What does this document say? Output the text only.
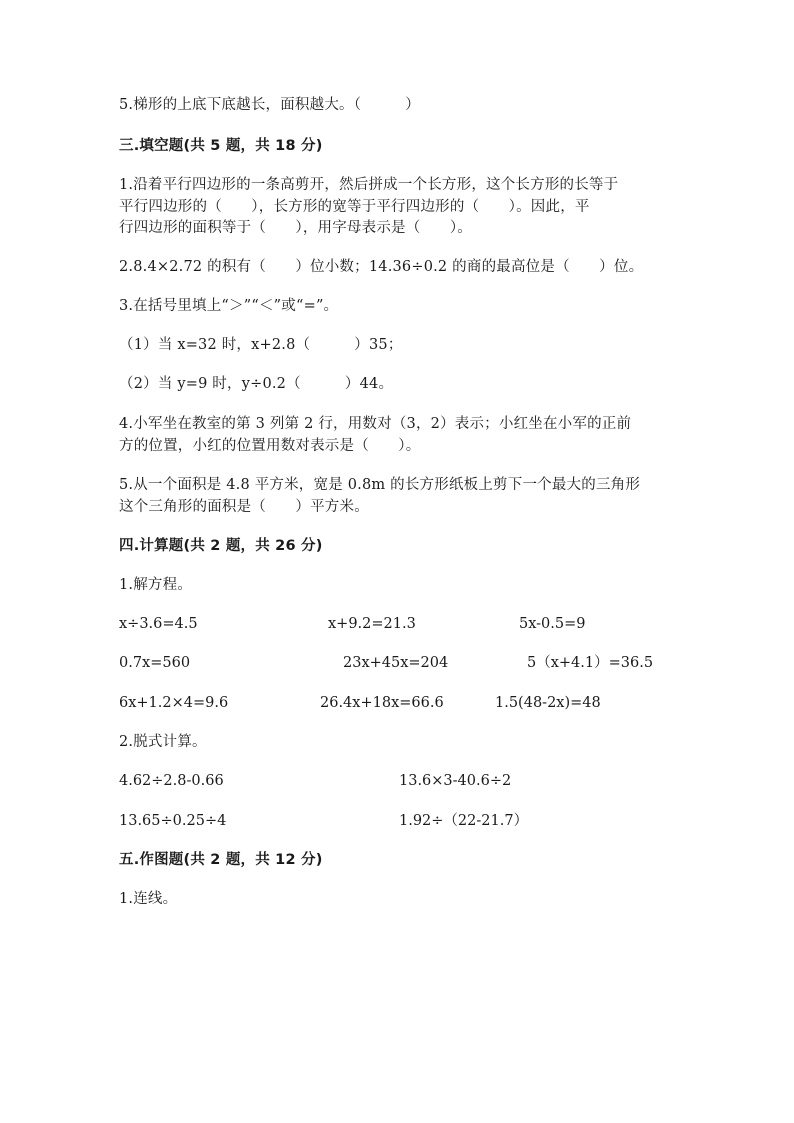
5.梯形的上底下底越长，面积越大。（　　　）
三.填空题(共 5 题，共 18 分)
1.沿着平行四边形的一条高剪开，然后拼成一个长方形，这个长方形的长等于
平行四边形的（　　），长方形的宽等于平行四边形的（　　）。因此，平
行四边形的面积等于（　　），用字母表示是（　　）。
2.8.4×2.72 的积有（　　）位小数；14.36÷0.2 的商的最高位是（　　）位。
3.在括号里填上“＞”“＜”或“=”。
（1）当 x=32 时，x+2.8（　　　）35；
（2）当 y=9 时，y÷0.2（　　　）44。
4.小军坐在教室的第 3 列第 2 行，用数对（3，2）表示；小红坐在小军的正前
方的位置，小红的位置用数对表示是（　　）。
5.从一个面积是 4.8 平方米，宽是 0.8m 的长方形纸板上剪下一个最大的三角形
这个三角形的面积是（　　）平方米。
四.计算题(共 2 题，共 26 分)
1.解方程。
x÷3.6=4.5	x+9.2=21.3	5x-0.5=9
0.7x=560	23x+45x=204	5（x+4.1）=36.5
6x+1.2×4=9.6	26.4x+18x=66.6	1.5(48-2x)=48
2.脱式计算。
4.62÷2.8-0.66	13.6×3-40.6÷2
13.65÷0.25÷4	1.92÷（22-21.7）
五.作图题(共 2 题，共 12 分)
1.连线。
